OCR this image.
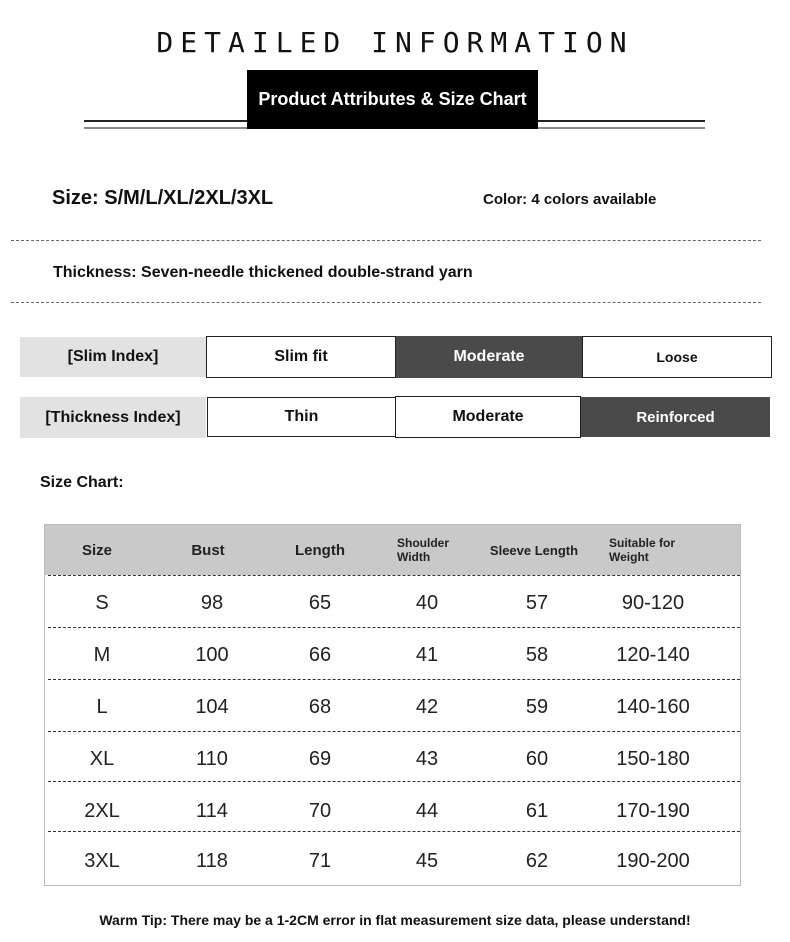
DETAILED INFORMATION
Product Attributes & Size Chart
Size: S/M/L/XL/2XL/3XL	Color: 4 colors available
Thickness: Seven-needle thickened double-strand yarn
[Slim Index]	Slim fit	Moderate	Loose
[Thickness Index]	Thin	Moderate	Reinforced
Size Chart:
Size	Bust	Length	Shoulder Width	Sleeve Length	Suitable for Weight
S	98	65	40	57	90-120
M	100	66	41	58	120-140
L	104	68	42	59	140-160
XL	110	69	43	60	150-180
2XL	114	70	44	61	170-190
3XL	118	71	45	62	190-200
Warm Tip: There may be a 1-2CM error in flat measurement size data, please understand!
